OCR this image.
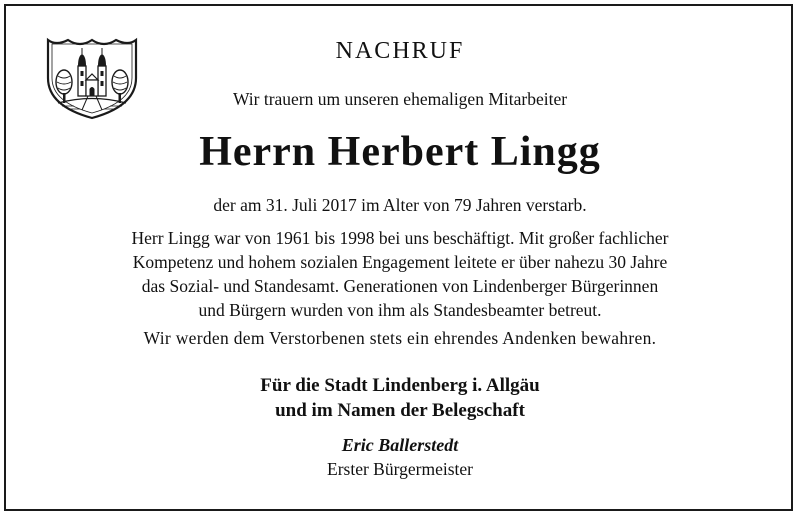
NACHRUF
Wir trauern um unseren ehemaligen Mitarbeiter
Herrn Herbert Lingg
der am 31. Juli 2017 im Alter von 79 Jahren verstarb.
Herr Lingg war von 1961 bis 1998 bei uns beschäftigt. Mit großer fachlicher
Kompetenz und hohem sozialen Engagement leitete er über nahezu 30 Jahre
das Sozial- und Standesamt. Generationen von Lindenberger Bürgerinnen
und Bürgern wurden von ihm als Standesbeamter betreut.
Wir werden dem Verstorbenen stets ein ehrendes Andenken bewahren.
Für die Stadt Lindenberg i. Allgäu
und im Namen der Belegschaft
Eric Ballerstedt
Erster Bürgermeister
